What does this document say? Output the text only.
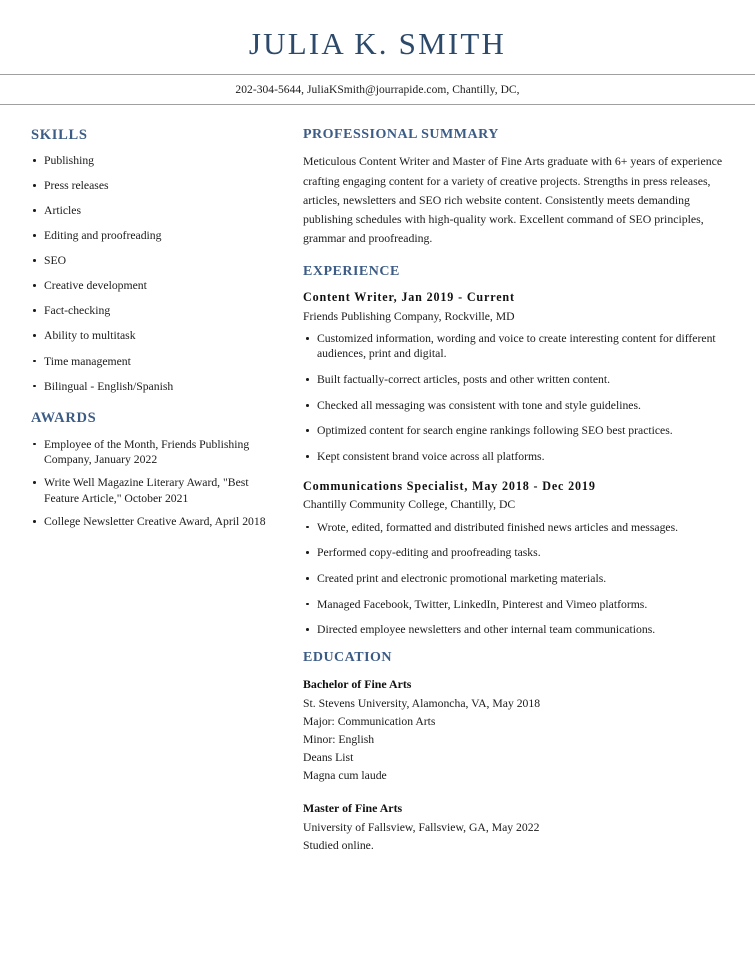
JULIA K. SMITH
202-304-5644, JuliaKSmith@jourrapide.com, Chantilly, DC,
SKILLS
Publishing
Press releases
Articles
Editing and proofreading
SEO
Creative development
Fact-checking
Ability to multitask
Time management
Bilingual - English/Spanish
AWARDS
Employee of the Month, Friends Publishing Company, January 2022
Write Well Magazine Literary Award, "Best Feature Article," October 2021
College Newsletter Creative Award, April 2018
PROFESSIONAL SUMMARY

Meticulous Content Writer and Master of Fine Arts graduate with 6+ years of experience crafting engaging content for a variety of creative projects. Strengths in press releases, articles, newsletters and SEO rich website content. Consistently meets demanding publishing schedules with high-quality work. Excellent command of SEO principles, grammar and proofreading.

EXPERIENCE
Content Writer, Jan 2019 - Current
Friends Publishing Company, Rockville, MD
Customized information, wording and voice to create interesting content for different audiences, print and digital.
Built factually-correct articles, posts and other written content.
Checked all messaging was consistent with tone and style guidelines.
Optimized content for search engine rankings following SEO best practices.
Kept consistent brand voice across all platforms.
Communications Specialist, May 2018 - Dec 2019
Chantilly Community College, Chantilly, DC
Wrote, edited, formatted and distributed finished news articles and messages.
Performed copy-editing and proofreading tasks.
Created print and electronic promotional marketing materials.
Managed Facebook, Twitter, LinkedIn, Pinterest and Vimeo platforms.
Directed employee newsletters and other internal team communications.
EDUCATION
Bachelor of Fine Arts
St. Stevens University, Alamoncha, VA, May 2018
Major: Communication Arts
Minor: English
Deans List
Magna cum laude
Master of Fine Arts
University of Fallsview, Fallsview, GA, May 2022
Studied online.
